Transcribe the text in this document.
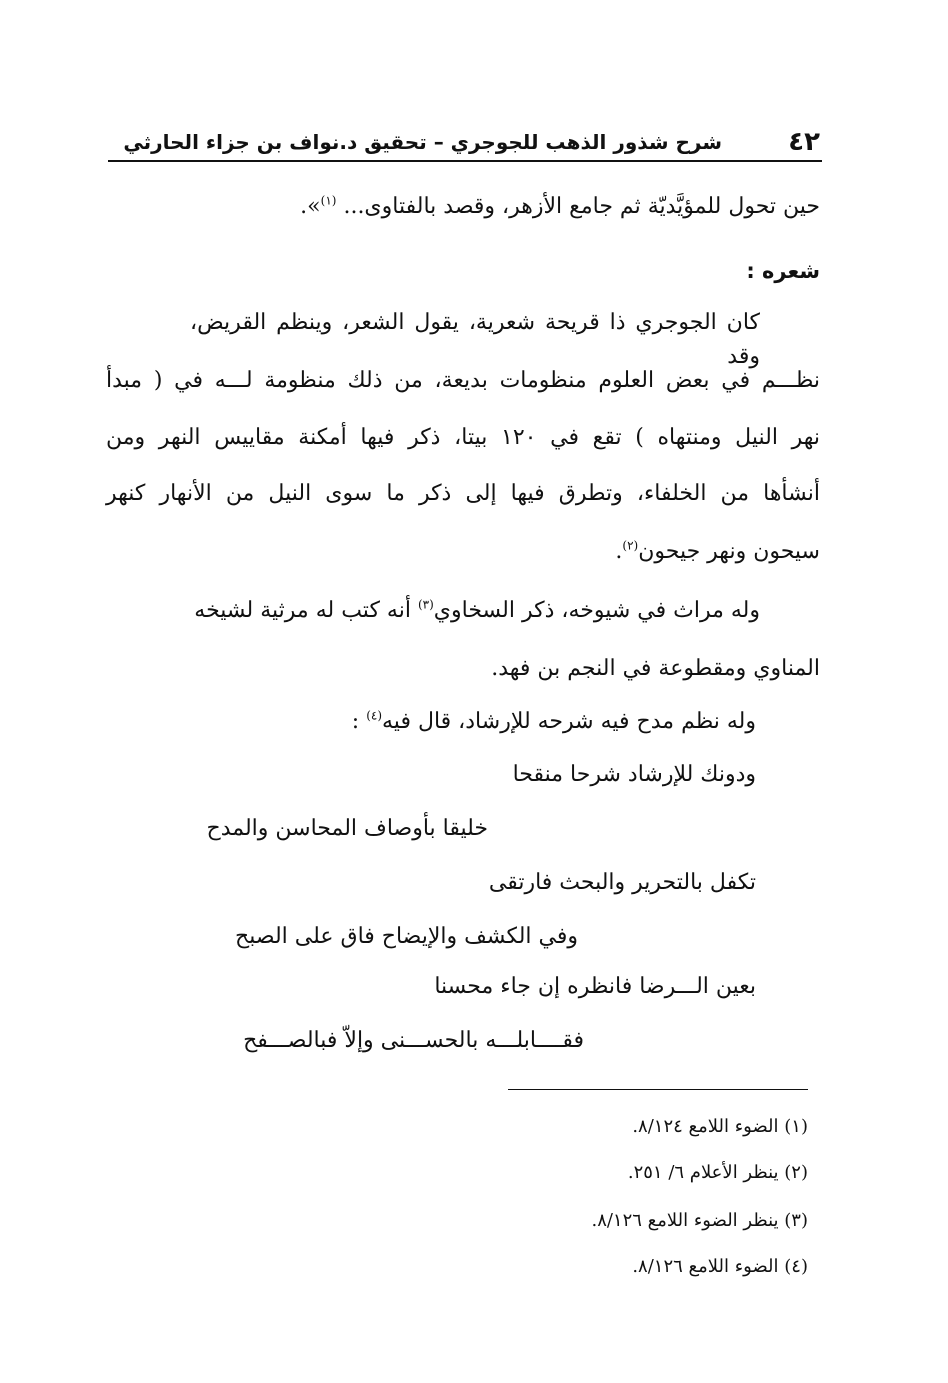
٤٢
شرح شذور الذهب للجوجري – تحقيق د.نواف بن جزاء الحارثي
حين تحول للمؤيَّديّة ثم جامع الأزهر، وقصد بالفتاوى... $^{(١)}$».
شعره :
كان الجوجري ذا قريحة شعرية، يقول الشعر، وينظم القريض، وقد
نظـــم في بعض العلوم منظومات بديعة، من ذلك منظومة لـــه في ( مبدأ
نهر النيل ومنتهاه ) تقع في ١٢٠ بيتا، ذكر فيها أمكنة مقاييس النهر ومن
أنشأها من الخلفاء، وتطرق فيها إلى ذكر ما سوى النيل من الأنهار كنهر
سيحون ونهر جيحون$^{(٢)}$.
وله مراث في شيوخه، ذكر السخاوي$^{(٣)}$ أنه كتب له مرثية لشيخه
المناوي ومقطوعة في النجم بن فهد.
وله نظم مدح فيه شرحه للإرشاد، قال فيه$^{(٤)}$ :
ودونك للإرشاد شرحا منقحا
خليقا بأوصاف المحاسن والمدح
تكفل بالتحرير والبحث فارتقى
وفي الكشف والإيضاح فاق على الصبح
بعين الـــرضا فانظره إن جاء محسنا
فقــــابلـــه بالحســـنى وإلاّ فبالصـــفح
(١) الضوء اللامع ٨/١٢٤.
(٢) ينظر الأعلام ٦/ ٢٥١.
(٣) ينظر الضوء اللامع ٨/١٢٦.
(٤) الضوء اللامع ٨/١٢٦.
